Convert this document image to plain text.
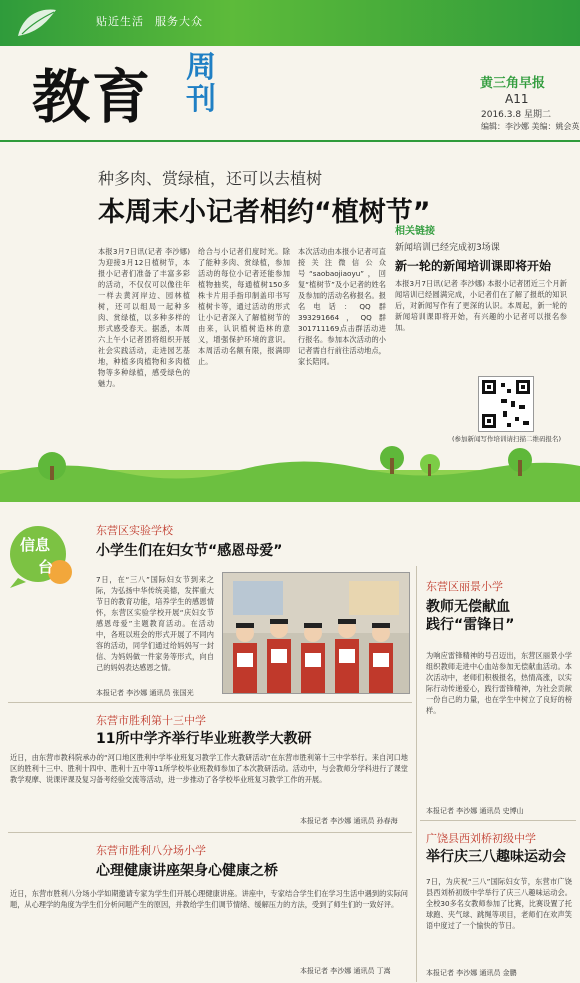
贴近生活 服务大众
教育 周刊	黄三角早报
A11
2016.3.8 星期二
编辑：李沙娜 美编：姚会英
种多肉、赏绿植，还可以去植树
本周末小记者相约“植树节”
本报3月7日讯(记者 李沙娜) 为迎接3月12日植树节，本报小记者们准备了丰富多彩的活动，不仅仅可以像往年一样去黄河岸边、园林植树，还可以组局一起种多肉、赏绿植，以多种多样的形式感受春天。据悉，本周六上午小记者团将组织开展社会实践活动，走进园艺基地，种植多肉植物和多肉植物等多种绿植，感受绿色的魅力。
给合与小记者们度时光。除了能种多肉、赏绿植，参加活动的每位小记者还能参加植物抽奖，每通植树150多株卡片用手指印制盖印书写植树卡等，通过活动的形式让小记者深入了解植树节的由来，认识植树造林的意义，增强保护环境的意识。本周活动名额有限，报满即止。
本次活动由本报小记者可直接关注微信公众号“saobaojiaoyu”，回复“植树节”及小记者的姓名及参加的活动名称报名。报名电话：QQ群393291664，QQ群301711169点击群活动进行报名。参加本次活动的小记者需自行前往活动地点，家长陪同。
相关链接
新闻培训已经完成初3场课
新一轮的新闻培训课即将开始
本报3月7日讯(记者 李沙娜) 本报小记者团近三个月新闻培训已经圆满完成，小记者们在了解了报纸的知识后，对新闻写作有了更深的认识。本周起，新一轮的新闻培训课即将开始，有兴趣的小记者可以报名参加。
(参加新闻写作培训请扫描二维码报名)
信息
台
东营区实验学校
小学生们在妇女节“感恩母爱”
7日，在“三八”国际妇女节到来之际，为弘扬中华传统美德，发挥重大节日的教育功能，培养学生的感恩情怀，东营区实验学校开展“庆妇女节 感恩母爱”主题教育活动。在活动中，各班以班会的形式开展了不同内容的活动，同学们通过给妈妈写一封信、为妈妈做一件家务等形式，向自己的妈妈表达感恩之情。
本报记者 李沙娜 通讯员 张国光
东营区丽景小学
教师无偿献血
践行“雷锋日”
为响应雷锋精神的号召迈出，东营区丽景小学组织教师走进中心血站参加无偿献血活动。本次活动中，老师们积极报名，热情高涨，以实际行动传递爱心，践行雷锋精神，为社会贡献一份自己的力量，也在学生中树立了良好的榜样。
本报记者 李沙娜 通讯员 史博山
广饶县西刘桥初级中学
举行庆三八趣味运动会
7日，为庆祝“三八”国际妇女节，东营市广饶县西刘桥初级中学举行了庆三八趣味运动会。全校30多名女教师参加了比赛，比赛设置了托球跑、夹气球、跳绳等项目，老师们在欢声笑语中度过了一个愉快的节日。
本报记者 李沙娜 通讯员 金鹏
东营市胜利第十三中学
11所中学齐举行毕业班教学大教研
近日，由东营市教科院承办的“河口地区胜利中学毕业班复习教学工作大教研活动”在东营市胜利第十三中学举行。来自河口地区的胜利十三中、胜利十四中、胜利十五中等11所学校毕业班教师参加了本次教研活动。活动中，与会教师分学科进行了课堂教学观摩、说课评课及复习备考经验交流等活动，进一步推动了各学校毕业班复习教学工作的开展。
本报记者 李沙娜 通讯员 孙春海
东营市胜利八分场小学
心理健康讲座架身心健康之桥
近日，东营市胜利八分场小学如期邀请专家为学生们开展心理健康讲座。讲座中，专家结合学生们在学习生活中遇到的实际问题，从心理学的角度为学生们分析问题产生的原因，并教给学生们调节情绪、缓解压力的方法，受到了师生们的一致好评。
本报记者 李沙娜 通讯员 丁嵩
